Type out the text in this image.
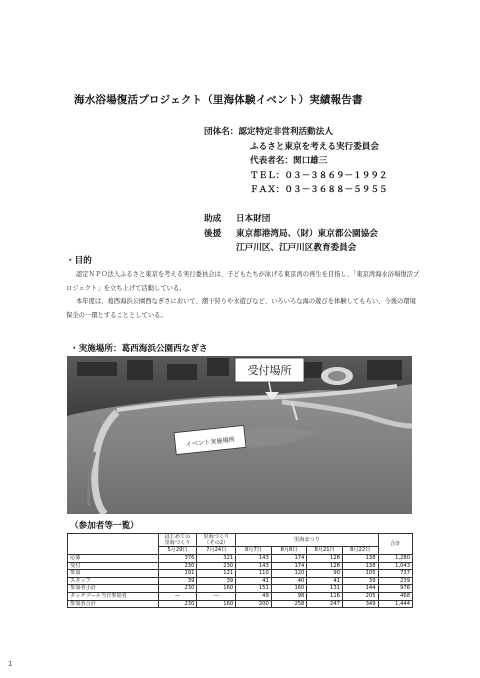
海水浴場復活プロジェクト（里海体験イベント）実績報告書
団体名：認定特定非営利活動法人
ふるさと東京を考える実行委員会
代表者名：関口雄三
ＴＥＬ：０３－３８６９－１９９２
ＦＡＸ：０３－３６８８－５９５５
助成 日本財団
後援 東京都港湾局、（財）東京都公園協会
江戸川区、江戸川区教育委員会
・目的

認定ＮＰＯ法人ふるさと東京を考える実行委員会は、子どもたちが泳げる東京湾の再生を目指し、「東京湾海水浴場復活プロジェクト」を立ち上げて活動している。

本年度は、葛西海浜公園西なぎさにおいて、潮干狩りや水遊びなど、いろいろな海の遊びを体験してもらい、今後の環境保全の一環とすることとしている。

・実施場所：葛西海浜公園西なぎさ
受付場所
イベント実施場所
（参加者等一覧）
	はじめての
里海づくり	里海づくり
（その2）	里海まつり				合計
	5月29日	7月24日	8月7日	8月8日	8月21日	8月22日	
応募	376	321	143	174	128	138	1,280
受付	230	230	143	174	128	138	1,043
参加	191	121	110	120	90	105	737
スタッフ	39	39	41	40	41	39	239
参加者小計	230	160	151	160	131	144	976
タッチプール当日参加者	―	―	49	98	116	205	468
参加者合計	230	160	200	258	247	349	1,444
1
